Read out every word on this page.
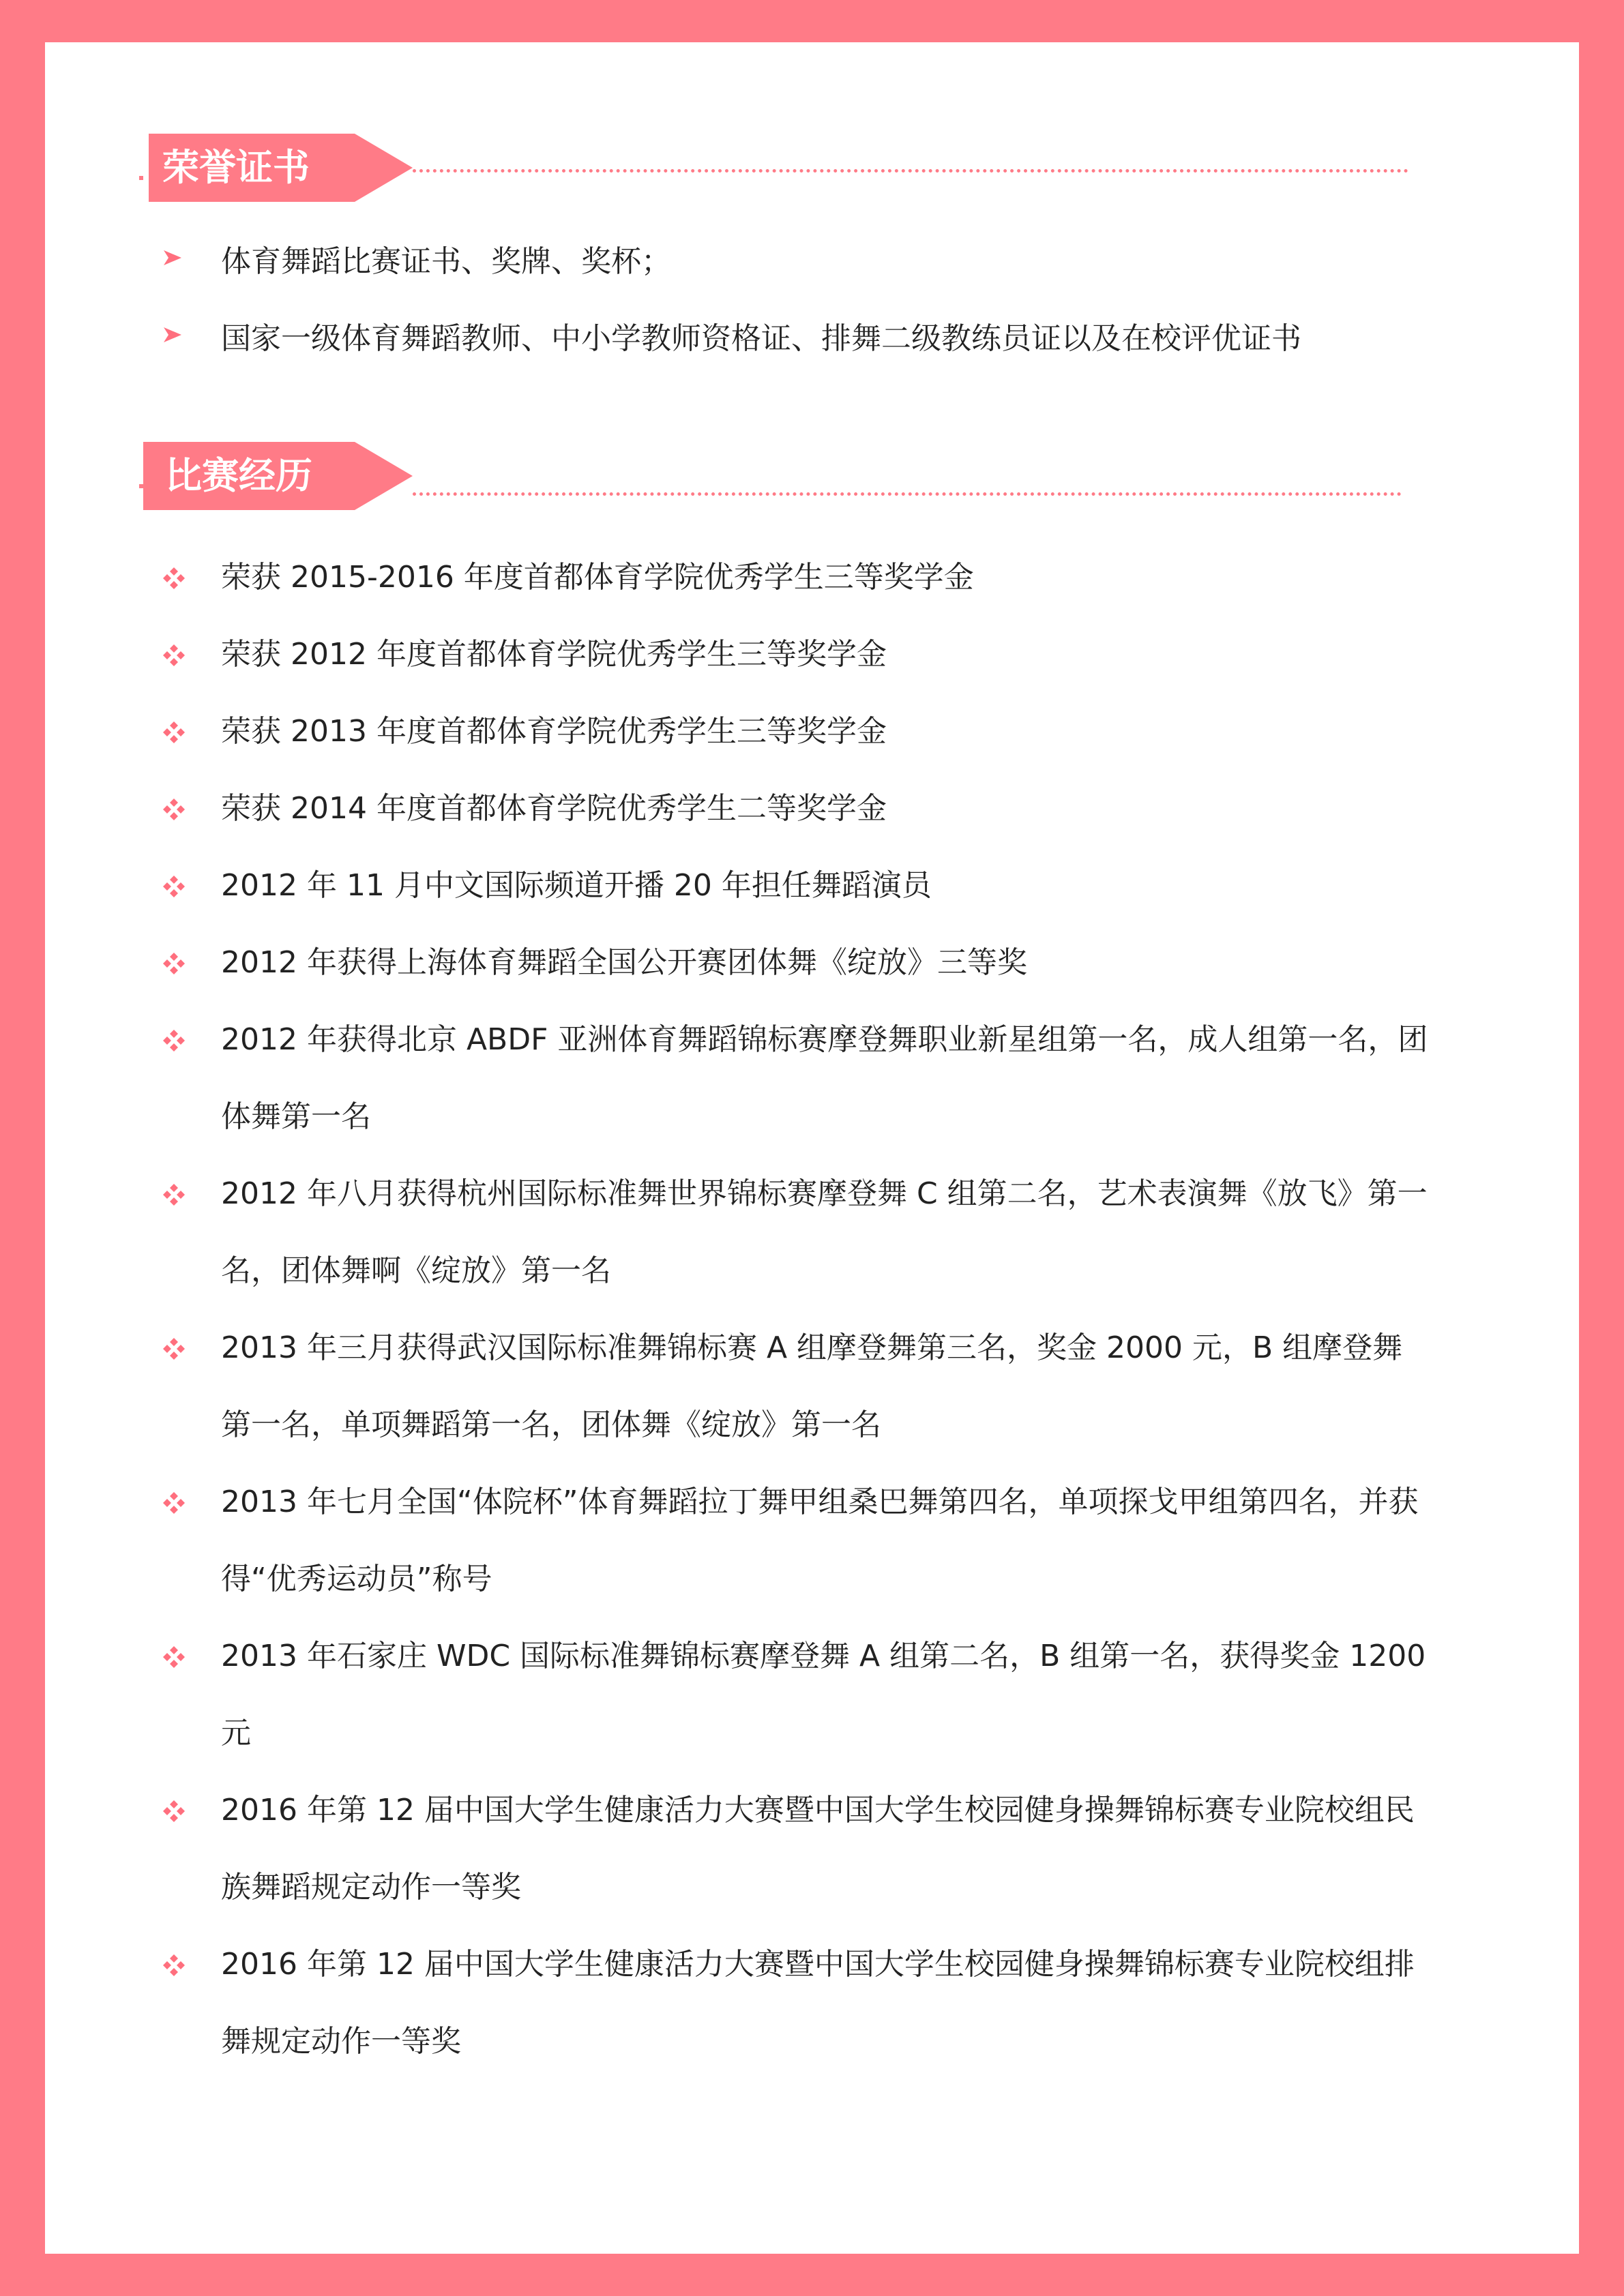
荣誉证书
体育舞蹈比赛证书、奖牌、奖杯；
国家一级体育舞蹈教师、中小学教师资格证、排舞二级教练员证以及在校评优证书
比赛经历
荣获 2015-2016 年度首都体育学院优秀学生三等奖学金
荣获 2012 年度首都体育学院优秀学生三等奖学金
荣获 2013 年度首都体育学院优秀学生三等奖学金
荣获 2014 年度首都体育学院优秀学生二等奖学金
2012 年 11 月中文国际频道开播 20 年担任舞蹈演员
2012 年获得上海体育舞蹈全国公开赛团体舞《绽放》三等奖
2012 年获得北京 ABDF 亚洲体育舞蹈锦标赛摩登舞职业新星组第一名，成人组第一名，团体舞第一名
2012 年八月获得杭州国际标准舞世界锦标赛摩登舞 C 组第二名，艺术表演舞《放飞》第一名，团体舞啊《绽放》第一名
2013 年三月获得武汉国际标准舞锦标赛 A 组摩登舞第三名，奖金 2000 元，B 组摩登舞第一名，单项舞蹈第一名，团体舞《绽放》第一名
2013 年七月全国“体院杯”体育舞蹈拉丁舞甲组桑巴舞第四名，单项探戈甲组第四名，并获得“优秀运动员”称号
2013 年石家庄 WDC 国际标准舞锦标赛摩登舞 A 组第二名，B 组第一名，获得奖金 1200 元
2016 年第 12 届中国大学生健康活力大赛暨中国大学生校园健身操舞锦标赛专业院校组民族舞蹈规定动作一等奖
2016 年第 12 届中国大学生健康活力大赛暨中国大学生校园健身操舞锦标赛专业院校组排舞规定动作一等奖
